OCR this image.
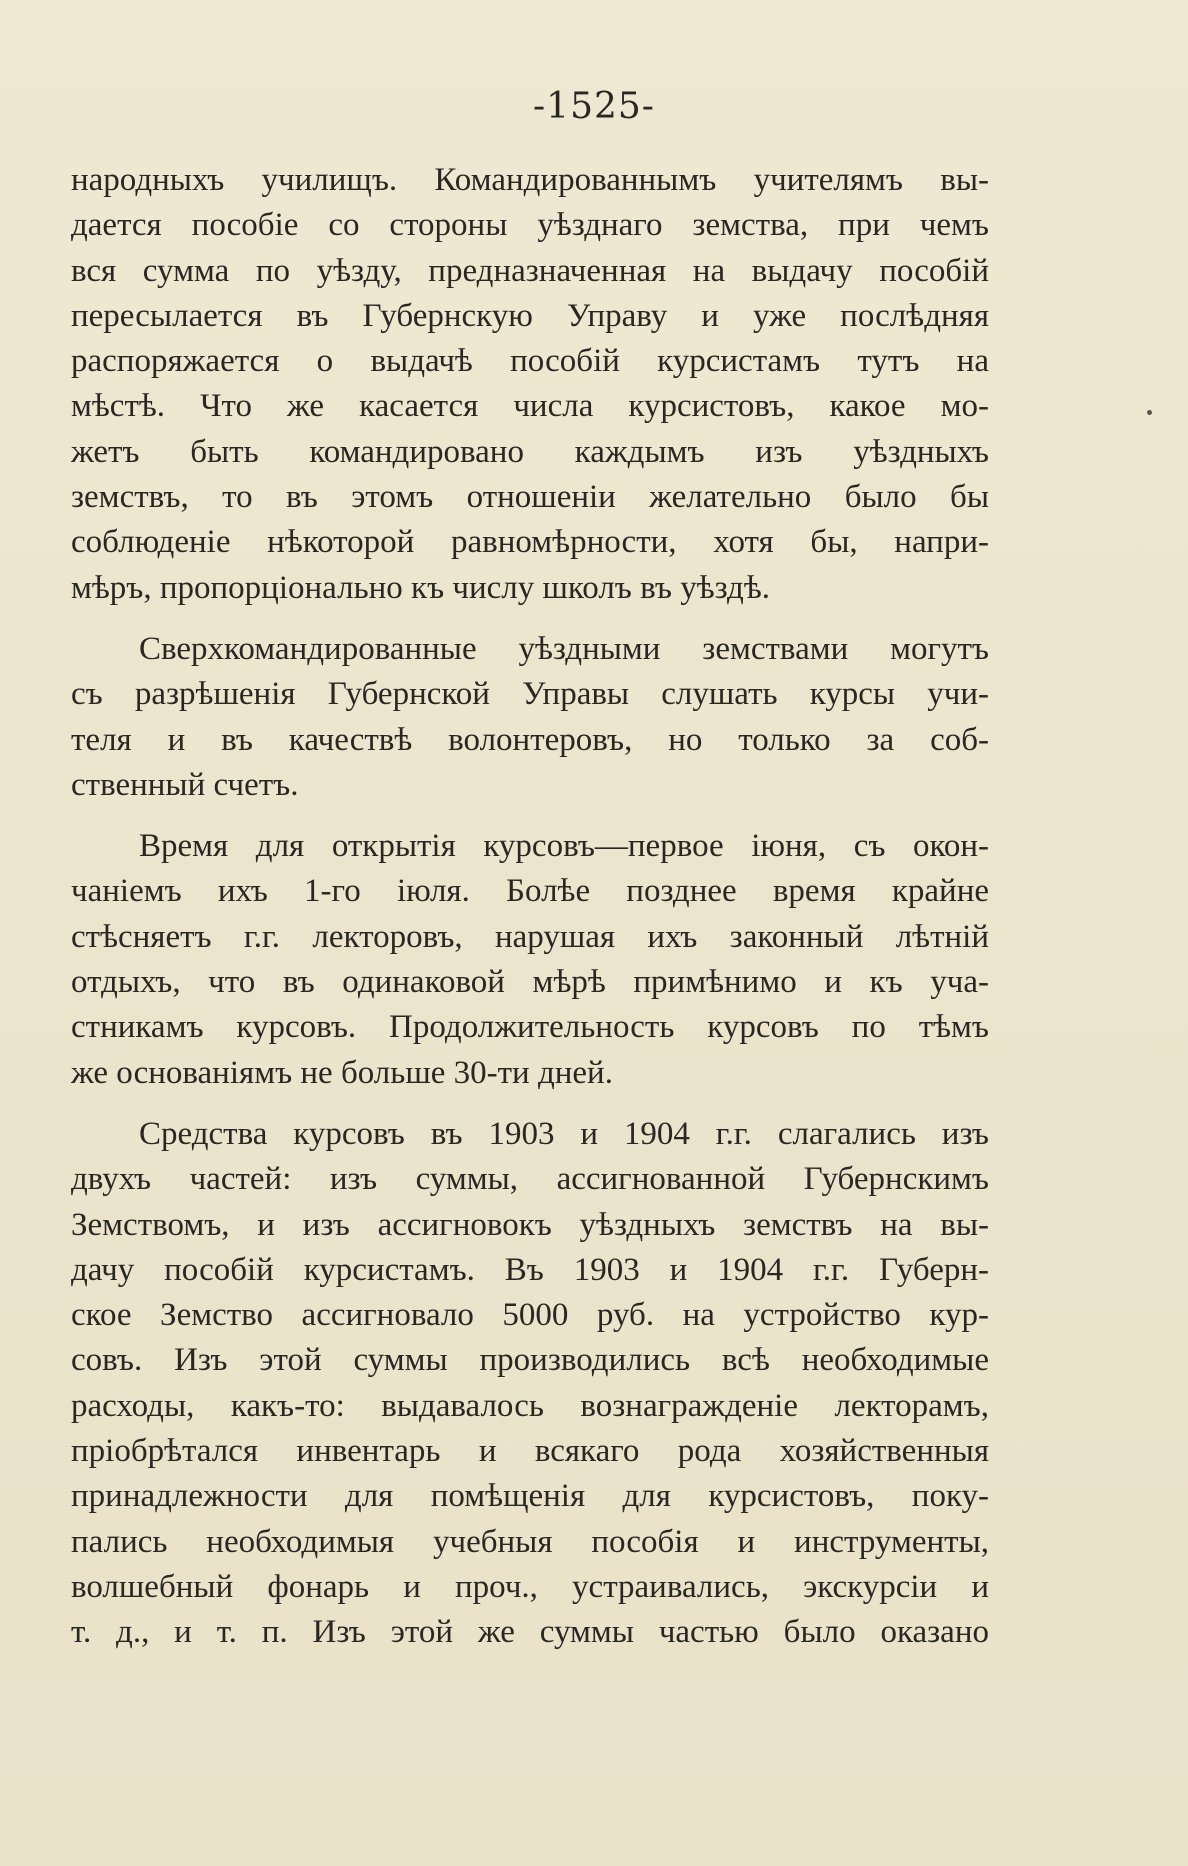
-1525-
народныхъ училищъ. Командированнымъ учителямъ вы-
дается пособіе со стороны уѣзднаго земства, при чемъ
вся сумма по уѣзду, предназначенная на выдачу пособій
пересылается въ Губернскую Управу и уже послѣдняя
распоряжается о выдачѣ пособій курсистамъ тутъ на
мѣстѣ. Что же касается числа курсистовъ, какое мо-
жетъ быть командировано каждымъ изъ уѣздныхъ
земствъ, то въ этомъ отношеніи желательно было бы
соблюденіе нѣкоторой равномѣрности, хотя бы, напри-
мѣръ, пропорціонально къ числу школъ въ уѣздѣ.
Сверхкомандированные уѣздными земствами могутъ
съ разрѣшенія Губернской Управы слушать курсы учи-
теля и въ качествѣ волонтеровъ, но только за соб-
ственный счетъ.
Время для открытія курсовъ—первое іюня, съ окон-
чаніемъ ихъ 1-го іюля. Болѣе позднее время крайне
стѣсняетъ г.г. лекторовъ, нарушая ихъ законный лѣтній
отдыхъ, что въ одинаковой мѣрѣ примѣнимо и къ уча-
стникамъ курсовъ. Продолжительность курсовъ по тѣмъ
же основаніямъ не больше 30-ти дней.
Средства курсовъ въ 1903 и 1904 г.г. слагались изъ
двухъ частей: изъ суммы, ассигнованной Губернскимъ
Земствомъ, и изъ ассигновокъ уѣздныхъ земствъ на вы-
дачу пособій курсистамъ. Въ 1903 и 1904 г.г. Губерн-
ское Земство ассигновало 5000 руб. на устройство кур-
совъ. Изъ этой суммы производились всѣ необходимые
расходы, какъ-то: выдавалось вознагражденіе лекторамъ,
пріобрѣтался инвентарь и всякаго рода хозяйственныя
принадлежности для помѣщенія для курсистовъ, поку-
пались необходимыя учебныя пособія и инструменты,
волшебный фонарь и проч., устраивались, экскурсіи и
т. д., и т. п. Изъ этой же суммы частью было оказано
